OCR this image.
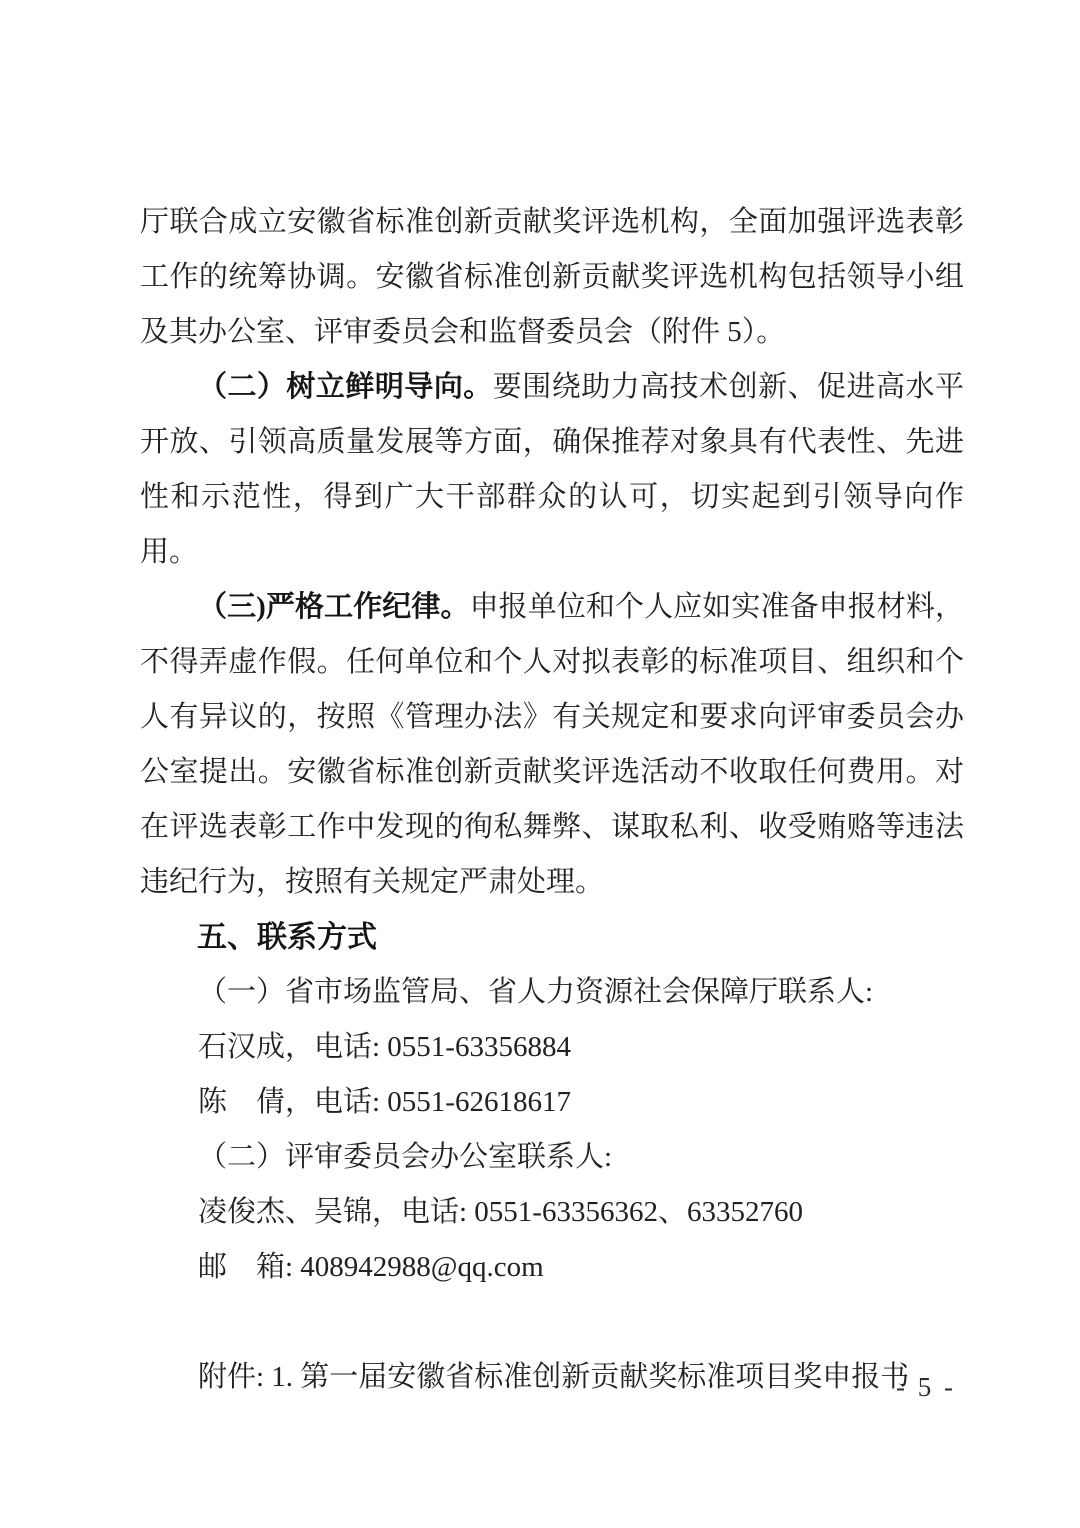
厅联合成立安徽省标准创新贡献奖评选机构，全面加强评选表彰工作的统筹协调。安徽省标准创新贡献奖评选机构包括领导小组及其办公室、评审委员会和监督委员会（附件 5）。

（二）树立鲜明导向。要围绕助力高技术创新、促进高水平开放、引领高质量发展等方面，确保推荐对象具有代表性、先进性和示范性，得到广大干部群众的认可，切实起到引领导向作用。

（三)严格工作纪律。申报单位和个人应如实准备申报材料，不得弄虚作假。任何单位和个人对拟表彰的标准项目、组织和个人有异议的，按照《管理办法》有关规定和要求向评审委员会办公室提出。安徽省标准创新贡献奖评选活动不收取任何费用。对在评选表彰工作中发现的徇私舞弊、谋取私利、收受贿赂等违法违纪行为，按照有关规定严肃处理。

五、联系方式

（一）省市场监管局、省人力资源社会保障厅联系人:

石汉成，电话: 0551-63356884

陈　倩，电话: 0551-62618617

（二）评审委员会办公室联系人:

凌俊杰、吴锦，电话: 0551-63356362、63352760

邮　箱: 408942988@qq.com

附件: 1. 第一届安徽省标准创新贡献奖标准项目奖申报书

- 5 -
